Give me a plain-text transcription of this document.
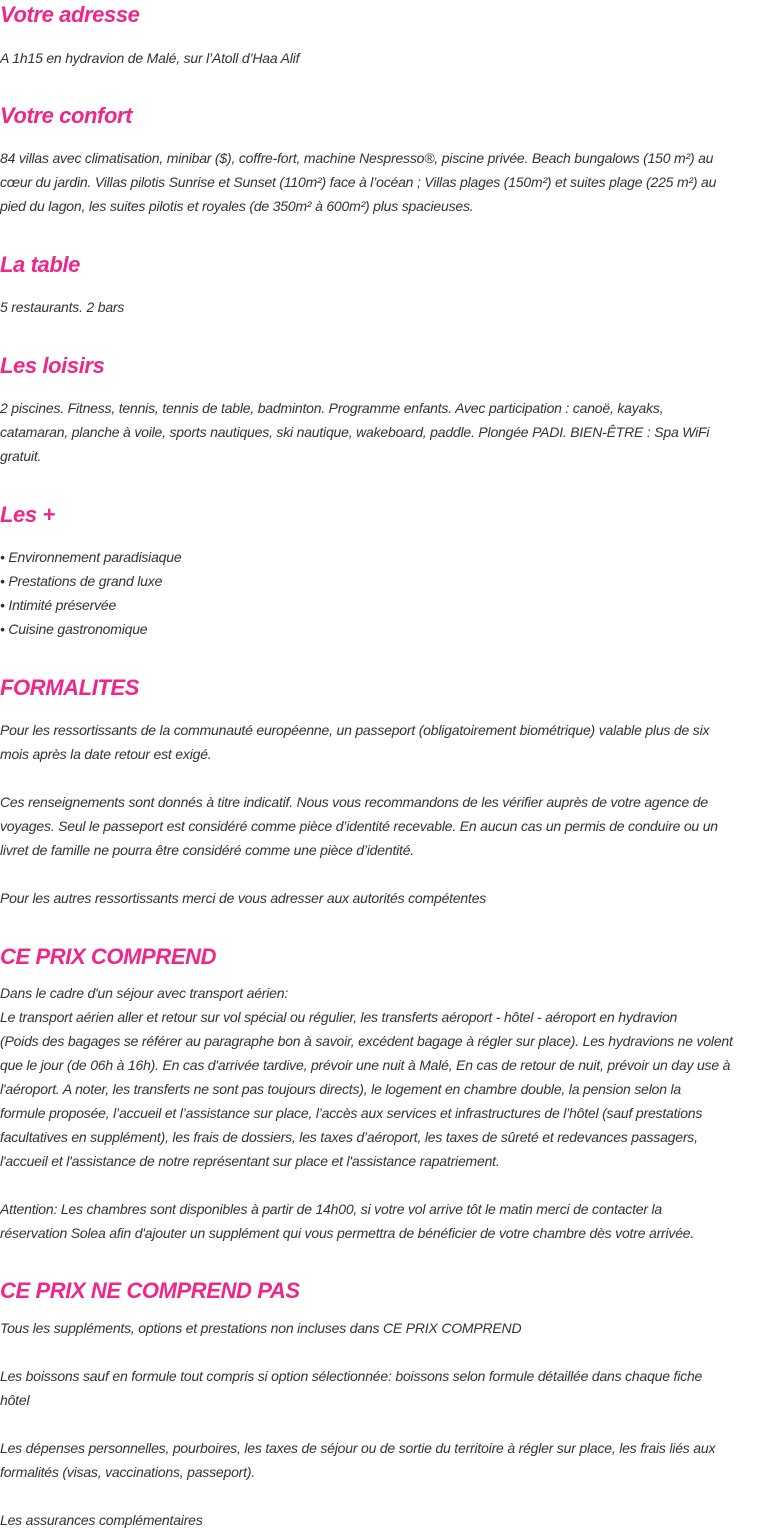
Votre adresse

A 1h15 en hydravion de Malé, sur l’Atoll d’Haa Alif

Votre confort

84 villas avec climatisation, minibar ($), coffre-fort, machine Nespresso®, piscine privée. Beach bungalows (150 m²) au
cœur du jardin. Villas pilotis Sunrise et Sunset (110m²) face à l’océan ; Villas plages (150m²) et suites plage (225 m²) au
pied du lagon, les suites pilotis et royales (de 350m² à 600m²) plus spacieuses.

La table

5 restaurants. 2 bars

Les loisirs

2 piscines. Fitness, tennis, tennis de table, badminton. Programme enfants. Avec participation : canoë, kayaks,
catamaran, planche à voile, sports nautiques, ski nautique, wakeboard, paddle. Plongée PADI. BIEN-ÊTRE : Spa WiFi
gratuit.

Les +

• Environnement paradisiaque
• Prestations de grand luxe
• Intimité préservée
• Cuisine gastronomique

FORMALITES

Pour les ressortissants de la communauté européenne, un passeport (obligatoirement biométrique) valable plus de six
mois après la date retour est exigé.

Ces renseignements sont donnés à titre indicatif. Nous vous recommandons de les vérifier auprès de votre agence de
voyages. Seul le passeport est considéré comme pièce d’identité recevable. En aucun cas un permis de conduire ou un
livret de famille ne pourra être considéré comme une pièce d’identité.

Pour les autres ressortissants merci de vous adresser aux autorités compétentes

CE PRIX COMPREND

Dans le cadre d'un séjour avec transport aérien:
Le transport aérien aller et retour sur vol spécial ou régulier, les transferts aéroport - hôtel - aéroport en hydravion
(Poids des bagages se référer au paragraphe bon à savoir, excédent bagage à régler sur place). Les hydravions ne volent
que le jour (de 06h à 16h). En cas d'arrivée tardive, prévoir une nuit à Malé, En cas de retour de nuit, prévoir un day use à
l'aéroport. A noter, les transferts ne sont pas toujours directs), le logement en chambre double, la pension selon la
formule proposée, l’accueil et l’assistance sur place, l’accès aux services et infrastructures de l’hôtel (sauf prestations
facultatives en supplément), les frais de dossiers, les taxes d’aéroport, les taxes de sûreté et redevances passagers,
l'accueil et l'assistance de notre représentant sur place et l'assistance rapatriement.

Attention: Les chambres sont disponibles à partir de 14h00, si votre vol arrive tôt le matin merci de contacter la
réservation Solea afin d'ajouter un supplément qui vous permettra de bénéficier de votre chambre dès votre arrivée.

CE PRIX NE COMPREND PAS

Tous les suppléments, options et prestations non incluses dans CE PRIX COMPREND

Les boissons sauf en formule tout compris si option sélectionnée: boissons selon formule détaillée dans chaque fiche
hôtel

Les dépenses personnelles, pourboires, les taxes de séjour ou de sortie du territoire à régler sur place, les frais liés aux
formalités (visas, vaccinations, passeport).

Les assurances complémentaires
